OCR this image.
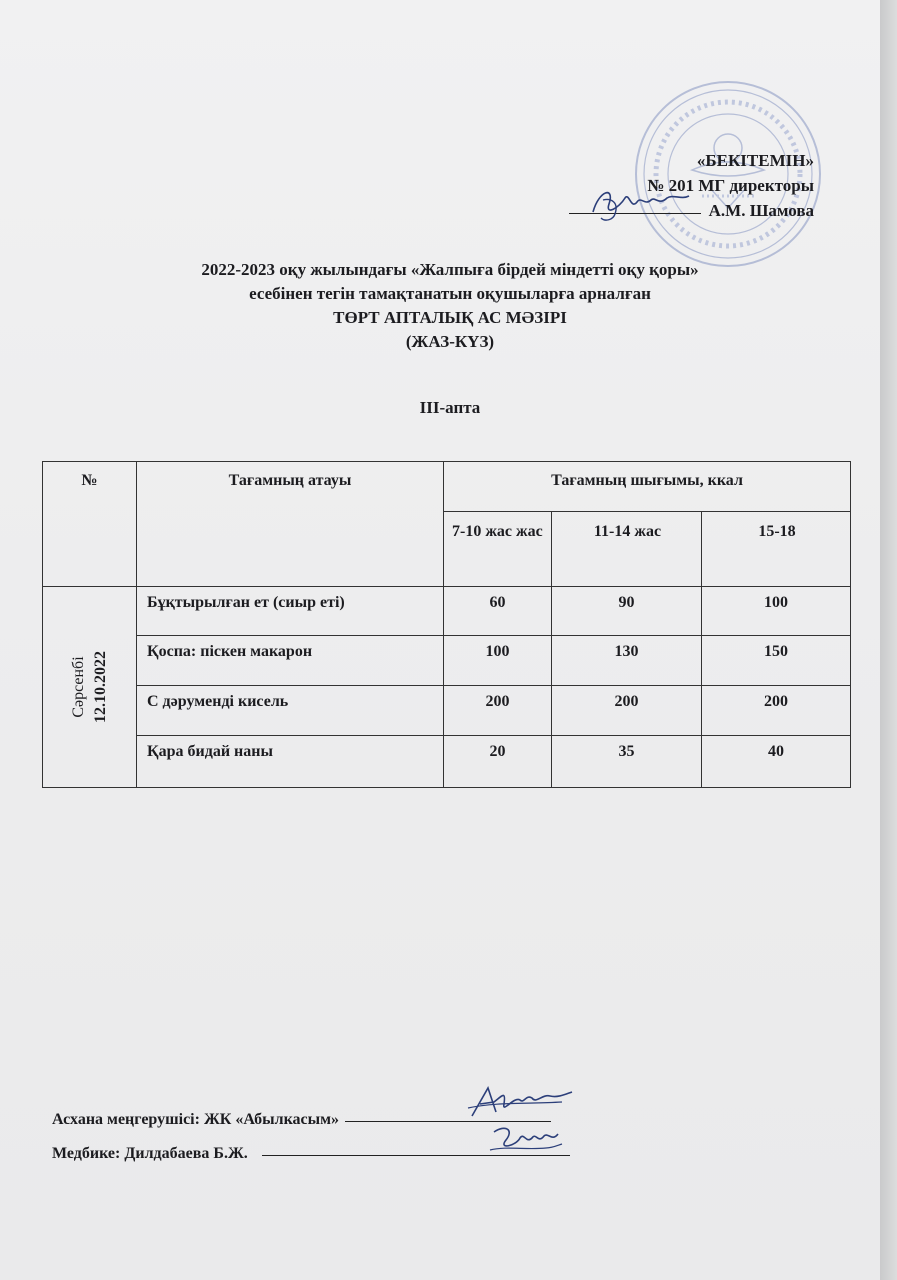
«БЕКІТЕМІН»
№ 201 МГ директоры
А.М. Шамова
2022-2023 оқу жылындағы «Жалпыға бірдей міндетті оқу қоры»
есебінен тегін тамақтанатын оқушыларға арналған
ТӨРТ АПТАЛЫҚ АС МӘЗІРІ
(ЖАЗ-КҮЗ)
III-апта
№	Тағамның атауы	Тағамның шығымы, ккал		
		7-10 жас жас	11-14 жас	15-18

Сәрсенбі 12.10.2022	Бұқтырылған ет (сиыр еті)	60	90	100
	Қоспа: піскен макарон	100	130	150
	С дәруменді кисель	200	200	200
	Қара бидай наны	20	35	40
Асхана меңгерушісі: ЖК «Абылкасым»
Медбике: Дилдабаева Б.Ж.
